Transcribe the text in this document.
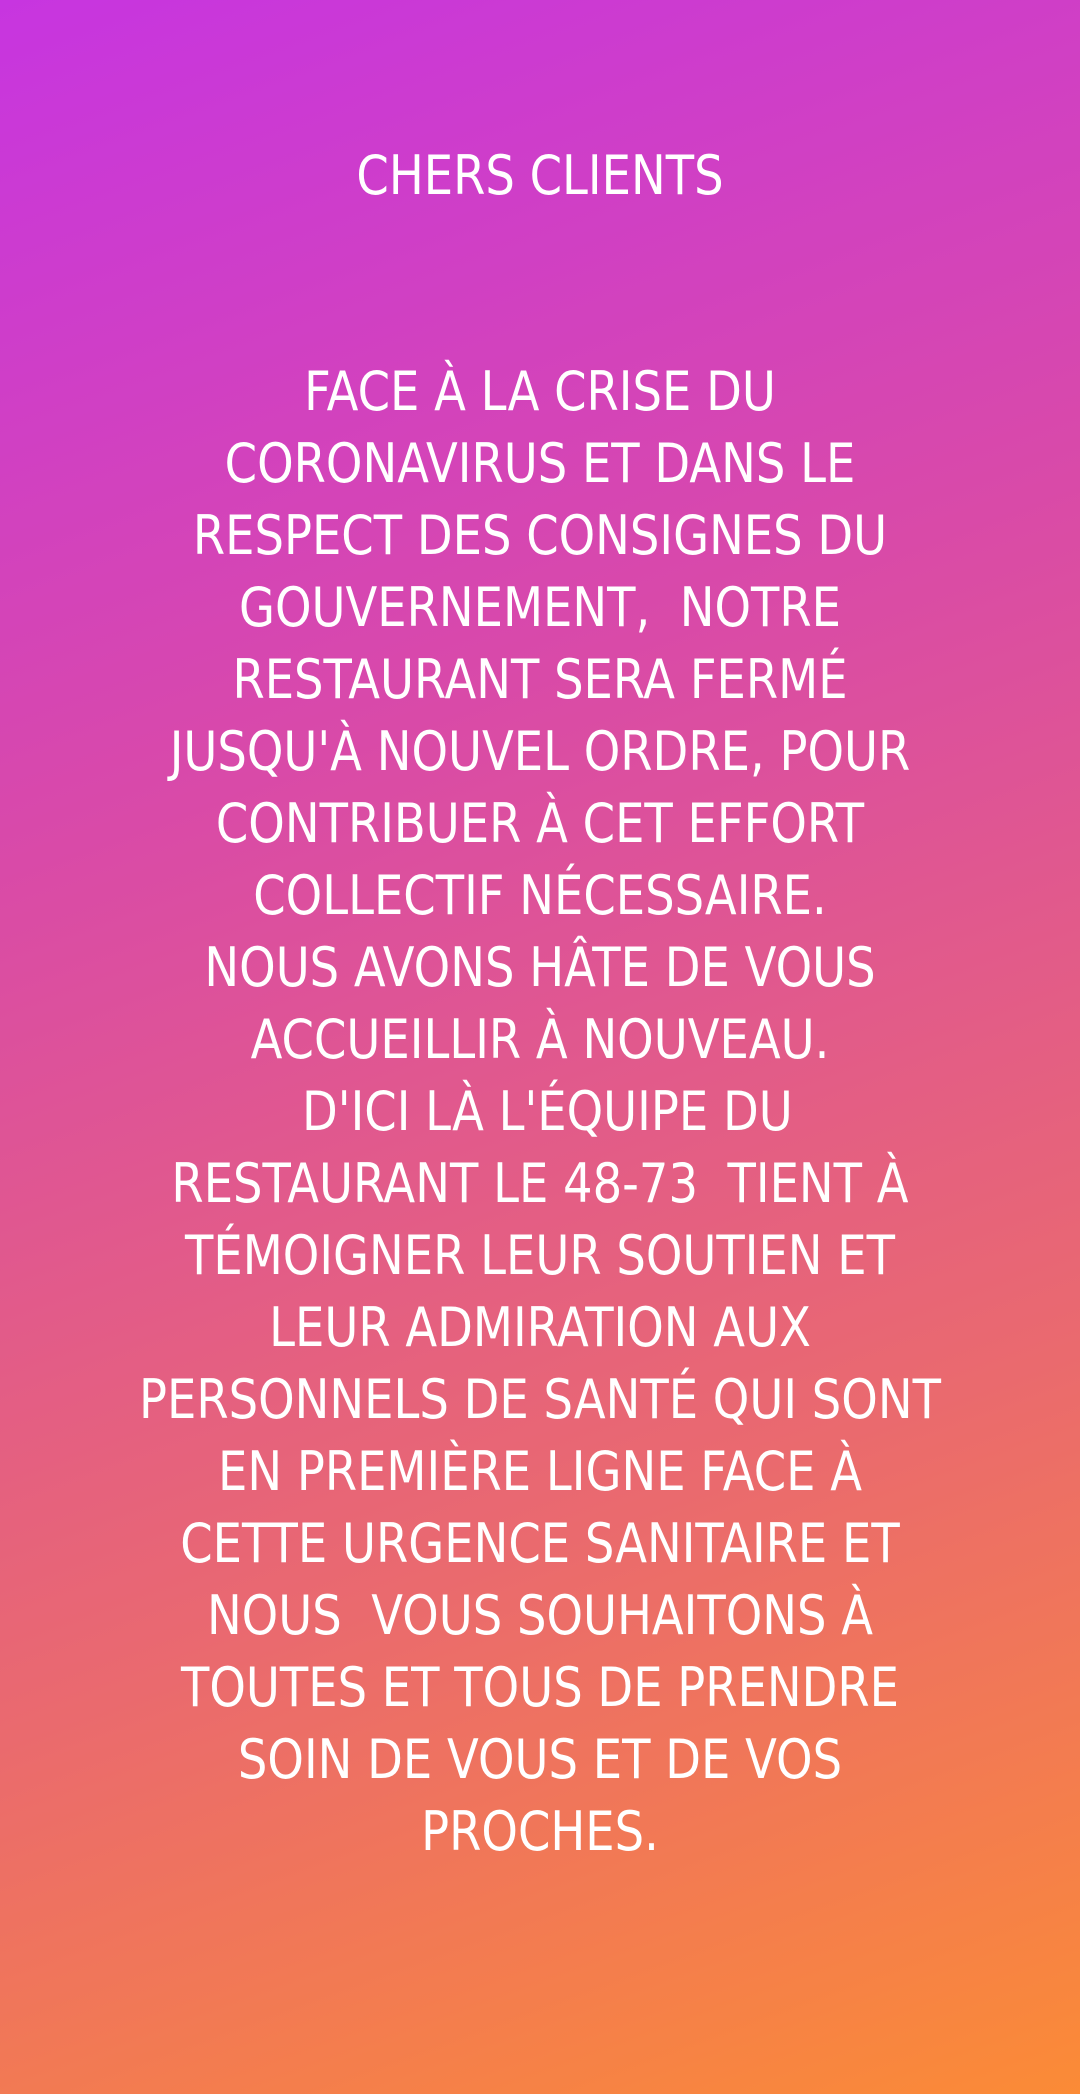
CHERS CLIENTS
FACE À LA CRISE DU
CORONAVIRUS ET DANS LE
RESPECT DES CONSIGNES DU
GOUVERNEMENT,  NOTRE
RESTAURANT SERA FERMÉ
JUSQU'À NOUVEL ORDRE, POUR
CONTRIBUER À CET EFFORT
COLLECTIF NÉCESSAIRE.
NOUS AVONS HÂTE DE VOUS
ACCUEILLIR À NOUVEAU.
D'ICI LÀ L'ÉQUIPE DU
RESTAURANT LE 48-73  TIENT À
TÉMOIGNER LEUR SOUTIEN ET
LEUR ADMIRATION AUX
PERSONNELS DE SANTÉ QUI SONT
EN PREMIÈRE LIGNE FACE À
CETTE URGENCE SANITAIRE ET
NOUS  VOUS SOUHAITONS À
TOUTES ET TOUS DE PRENDRE
SOIN DE VOUS ET DE VOS
PROCHES.
